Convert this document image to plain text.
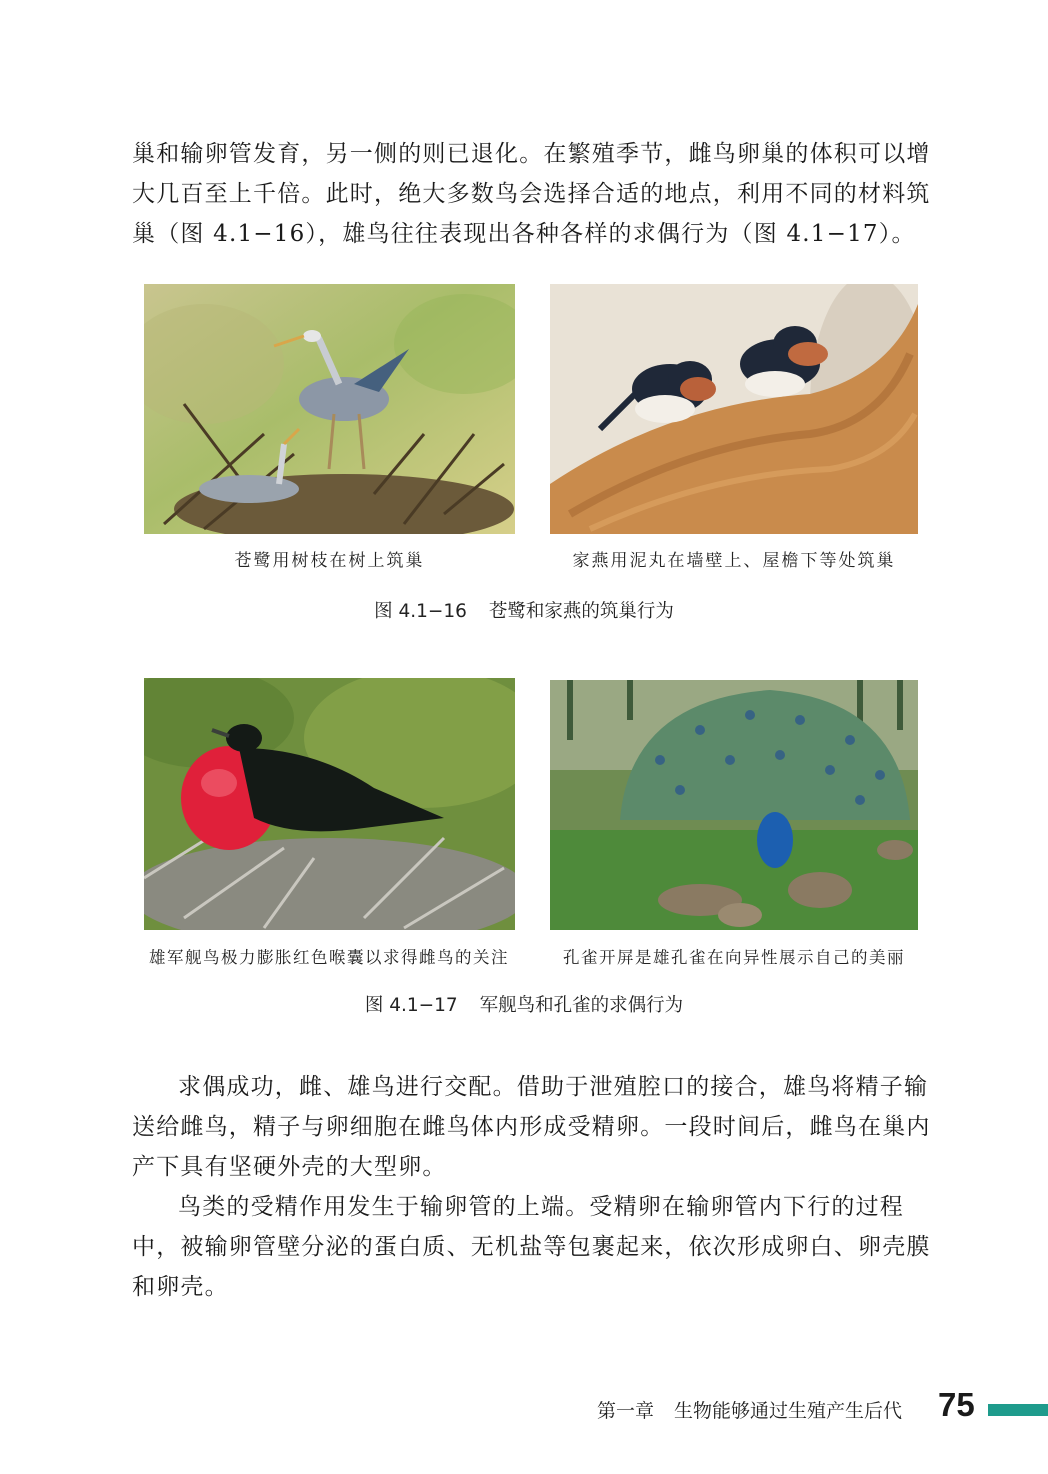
巢和输卵管发育，另一侧的则已退化。在繁殖季节，雌鸟卵巢的体积可以增大几百至上千倍。此时，绝大多数鸟会选择合适的地点，利用不同的材料筑巢（图 4.1−16），雄鸟往往表现出各种各样的求偶行为（图 4.1−17）。

苍鹭用树枝在树上筑巢	家燕用泥丸在墙壁上、屋檐下等处筑巢
图 4.1−16 苍鹭和家燕的筑巢行为
雄军舰鸟极力膨胀红色喉囊以求得雌鸟的关注	孔雀开屏是雄孔雀在向异性展示自己的美丽
图 4.1−17 军舰鸟和孔雀的求偶行为

求偶成功，雌、雄鸟进行交配。借助于泄殖腔口的接合，雄鸟将精子输送给雌鸟，精子与卵细胞在雌鸟体内形成受精卵。一段时间后，雌鸟在巢内产下具有坚硬外壳的大型卵。

鸟类的受精作用发生于输卵管的上端。受精卵在输卵管内下行的过程中，被输卵管壁分泌的蛋白质、无机盐等包裹起来，依次形成卵白、卵壳膜和卵壳。

第一章 生物能够通过生殖产生后代 75
